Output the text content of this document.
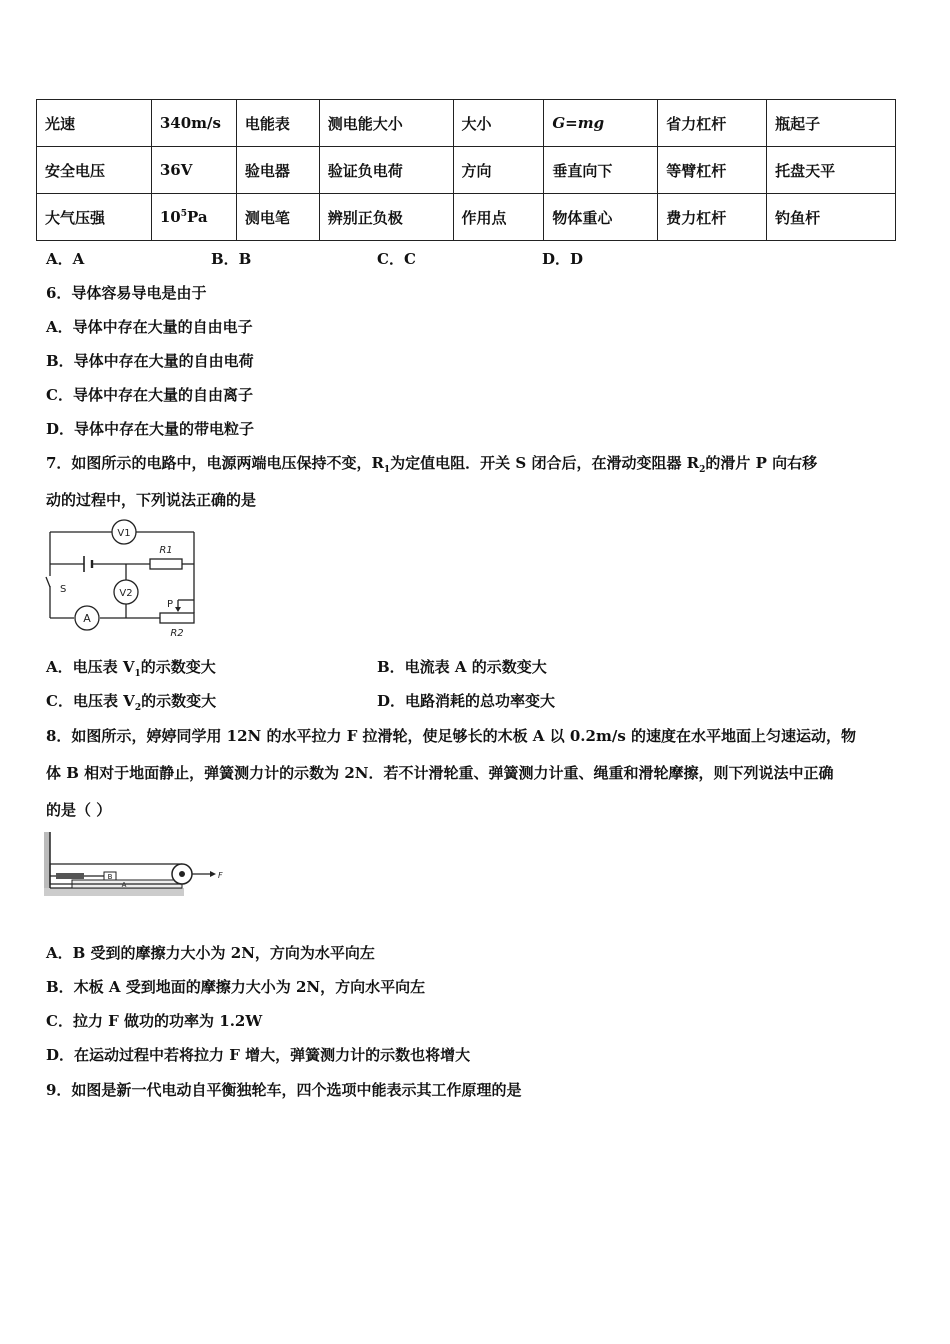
光速	340m/s	电能表	测电能大小	大小	G=mg	省力杠杆	瓶起子
安全电压	36V	验电器	验证负电荷	方向	垂直向下	等臂杠杆	托盘天平
大气压强	$10^5Pa$	测电笔	辨别正负极	作用点	物体重心	费力杠杆	钓鱼杆
A．A	B．B	C．C	D．D
6．导体容易导电是由于
A．导体中存在大量的自由电子
B．导体中存在大量的自由电荷
C．导体中存在大量的自由离子
D．导体中存在大量的带电粒子
7．如图所示的电路中，电源两端电压保持不变，$R_1$为定值电阻．开关 S 闭合后，在滑动变阻器 $R_2$的滑片 P 向右移
动的过程中，下列说法正确的是
V1
V2
R1
R2
S
A
P
A．电压表 $V_1$的示数变大	B．电流表 A 的示数变大
C．电压表 $V_2$的示数变大	D．电路消耗的总功率变大
8．如图所示，婷婷同学用 12N 的水平拉力 F 拉滑轮，使足够长的木板 A 以 0.2m/s 的速度在水平地面上匀速运动，物
体 B 相对于地面静止，弹簧测力计的示数为 2N．若不计滑轮重、弹簧测力计重、绳重和滑轮摩擦，则下列说法中正确
的是（ ）
B
A
F
A．B 受到的摩擦力大小为 2N，方向为水平向左
B．木板 A 受到地面的摩擦力大小为 2N，方向水平向左
C．拉力 F 做功的功率为 1.2W
D．在运动过程中若将拉力 F 增大，弹簧测力计的示数也将增大
9．如图是新一代电动自平衡独轮车，四个选项中能表示其工作原理的是
